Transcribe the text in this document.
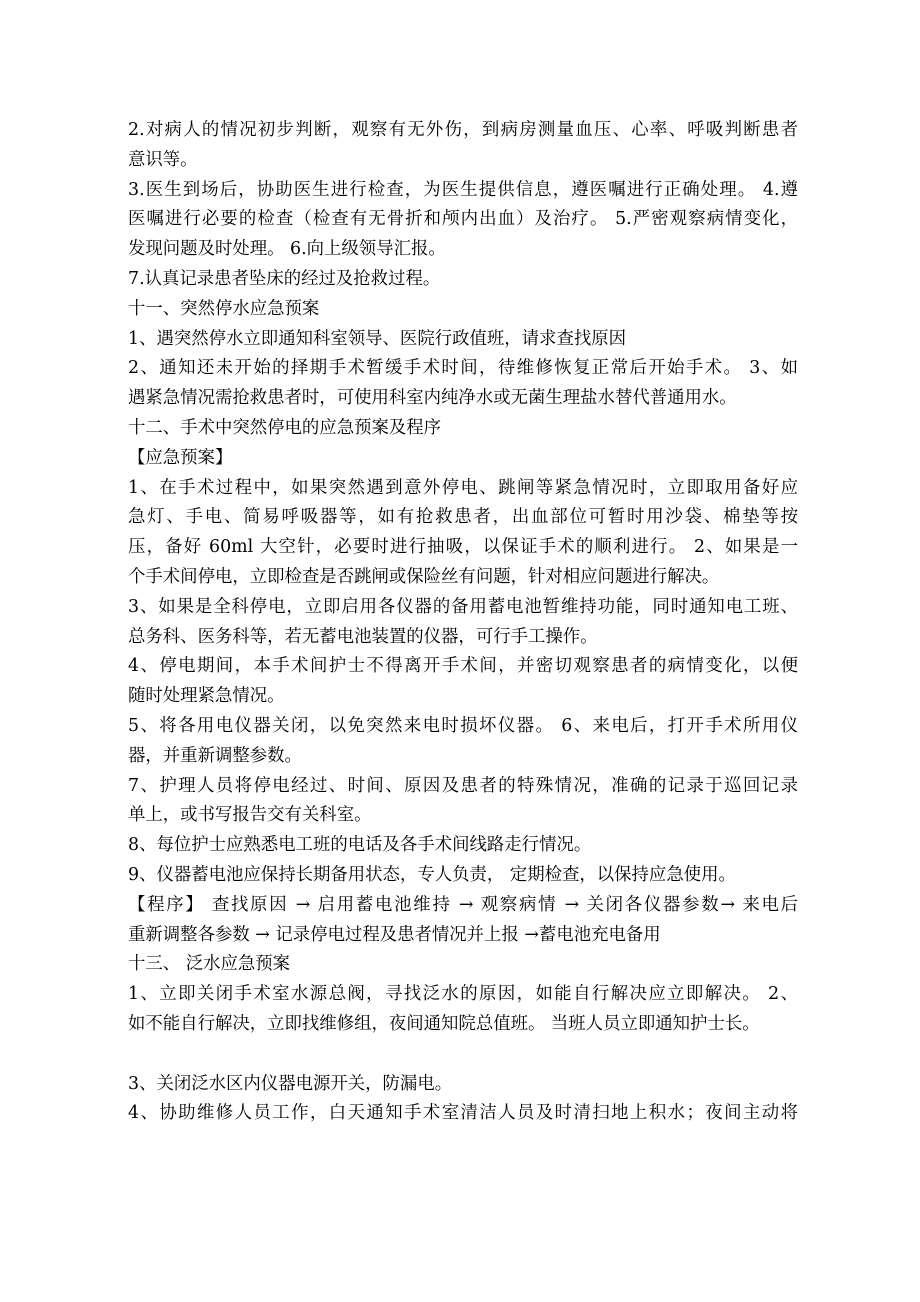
2.对病人的情况初步判断，观察有无外伤，到病房测量血压、心率、呼吸判断患者
意识等。
3.医生到场后，协助医生进行检查，为医生提供信息，遵医嘱进行正确处理。 4.遵
医嘱进行必要的检查（检查有无骨折和颅内出血）及治疗。 5.严密观察病情变化，
发现问题及时处理。 6.向上级领导汇报。
7.认真记录患者坠床的经过及抢救过程。
十一、突然停水应急预案
1、遇突然停水立即通知科室领导、医院行政值班，请求查找原因
2、通知还未开始的择期手术暂缓手术时间，待维修恢复正常后开始手术。 3、如
遇紧急情况需抢救患者时，可使用科室内纯净水或无菌生理盐水替代普通用水。
十二、手术中突然停电的应急预案及程序
【应急预案】
1、在手术过程中，如果突然遇到意外停电、跳闸等紧急情况时，立即取用备好应
急灯、手电、简易呼吸器等，如有抢救患者，出血部位可暂时用沙袋、棉垫等按
压，备好 60ml 大空针，必要时进行抽吸，以保证手术的顺利进行。 2、如果是一
个手术间停电，立即检查是否跳闸或保险丝有问题，针对相应问题进行解决。
3、如果是全科停电，立即启用各仪器的备用蓄电池暂维持功能，同时通知电工班、
总务科、医务科等，若无蓄电池装置的仪器，可行手工操作。
4、停电期间，本手术间护士不得离开手术间，并密切观察患者的病情变化，以便
随时处理紧急情况。
5、将各用电仪器关闭，以免突然来电时损坏仪器。 6、来电后，打开手术所用仪
器，并重新调整参数。
7、护理人员将停电经过、时间、原因及患者的特殊情况，准确的记录于巡回记录
单上，或书写报告交有关科室。
8、每位护士应熟悉电工班的电话及各手术间线路走行情况。
9、仪器蓄电池应保持长期备用状态，专人负责， 定期检查，以保持应急使用。
【程序】 查找原因 → 启用蓄电池维持 → 观察病情 → 关闭各仪器参数→ 来电后
重新调整各参数 → 记录停电过程及患者情况并上报 →蓄电池充电备用
十三、 泛水应急预案
1、立即关闭手术室水源总阀，寻找泛水的原因，如能自行解决应立即解决。 2、
如不能自行解决，立即找维修组，夜间通知院总值班。 当班人员立即通知护士长。
3、关闭泛水区内仪器电源开关，防漏电。
4、协助维修人员工作，白天通知手术室清洁人员及时清扫地上积水；夜间主动将
